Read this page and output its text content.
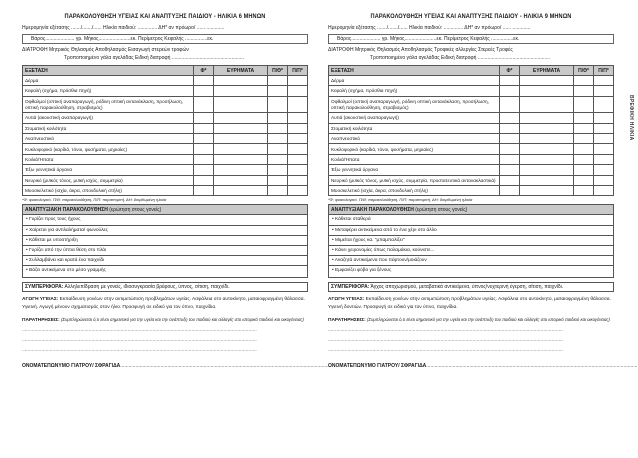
ΠΑΡΑΚΟΛΟΥΘΗΣΗ ΥΓΕΙΑΣ ΚΑΙ ΑΝΑΠΤΥΞΗΣ ΠΑΙΔΙΟΥ - ΗΛΙΚΙΑ 6 ΜΗΝΩΝ
Ημερομηνία εξέτασης ......./......./...... Ηλικία παιδιού: .............. ΔΗ* αν πρόωρο/ ...... .............
Βάρος..................... γρ. Μήκος.......................εκ. Περίμετρος Κεφαλής ................εκ.
ΔΙΑΤΡΟΦΗ Μητρικός Θηλασμός Αποθηλασμός Εισαγωγή στερεών τροφών
Τροποποιημένο γάλα αγελάδας Ειδική διατροφή ....................................................
ΕΞΕΤΑΣΗ	Φ*	ΕΥΡΗΜΑΤΑ	Π/Θ*	Π/Π*
Δέρμα				
Κεφαλή (σχήμα, πρόσθια πηγή)				
Οφθαλμοί (οπτική αναπαραγωγή, ρόδινη οπτική αντανάκλαση, προσήλωση, οπτική παρακολούθηση, στραβισμός)				
Αυτιά (ακουστική αναπαραγωγή)				
Στοματική κοιλότητα				
Αναπνευστικό				
Κυκλοφορικό (καρδιά, τόνοι, φυσήματα, μηριαίες)				
Κοιλιά/Ήπατα				
Έξω γεννητικά όργανα				
Νευρικό (μυϊκός τόνος, μυϊκή ισχύς, συμμετρία)				
Μυοσκελετικό (ισχία, άκρα, σπονδυλική στήλη)				
*Φ: φυσιολογικό, Π/Θ: παρακολούθηση, Π/Π: παραπομπή, ΔΗ: διορθωμένη ηλικία
ΑΝΑΠΤΥΞΙΑΚΗ ΠΑΡΑΚΟΛΟΥΘΗΣΗ (ερώτηση στους γονείς)
• Γυρίζει προς τους ήχους
• Χαίρεται για αντιλαλήματα/ φωνούλες
• Κάθεται με υποστήριξη
• Γυρίζει από την ύπτια θέση στο πλάι
• Συλλαμβάνει και κρατά ένα παιχνίδι
• Βάζει αντικείμενα στο μέσο γραμμής
ΣΥΜΠΕΡΙΦΟΡΑ: Αλληλεπίδραση με γονείς, ιδιοσυγκρασία βρέφους, ύπνος, σίτιση, παιχνίδι.
ΑΓΩΓΗ ΥΓΕΙΑΣ: Εκπαίδευση γονέων στην αντιμετώπιση προβλημάτων υγείας. Ασφάλεια στο αυτοκίνητο, ματαιοφραγμένη θάλασσα. Υγιεινή. Αγωγή μένουν σχηματισμός στον ήλιο. Προσφυγή σε ειδικό για τον ύπνο, παιχνίδια.
ΠΑΡΑΤΗΡΗΣΕΙΣ: (Συμπληρώνεται ό,τι είναι σημαντικό για την υγεία και την ανάπτυξη του παιδιού και αλλαγές στο ιστορικό παιδιού και οικογένειας)
.........................................................................................................................................................................
.........................................................................................................................................................................
.........................................................................................................................................................................
ΟΝΟΜΑΤΕΠΩΝΥΜΟ ΓΙΑΤΡΟΥ/ ΣΦΡΑΓΙΔΑ........................................................................................................................................................
ΠΑΡΑΚΟΛΟΥΘΗΣΗ ΥΓΕΙΑΣ ΚΑΙ ΑΝΑΠΤΥΞΗΣ ΠΑΙΔΙΟΥ - ΗΛΙΚΙΑ 9 ΜΗΝΩΝ
Ημερομηνία εξέτασης ......./......./...... Ηλικία παιδιού: .............. ΔΗ* αν πρόωρο/ ...... .............
Βάρος..................... γρ. Μήκος.......................εκ. Περίμετρος Κεφαλής ................εκ.
ΔΙΑΤΡΟΦΗ Μητρικός Θηλασμός Αποθηλασμός Τροφικές αλλεργίες Στερεές Τροφές
Τροποποιημένο γάλα αγελάδας Ειδική διατροφή ....................................................
ΕΞΕΤΑΣΗ	Φ*	ΕΥΡΗΜΑΤΑ	Π/Θ*	Π/Π*
Δέρμα				
Κεφαλή (σχήμα, πρόσθια πηγή)				
Οφθαλμοί (οπτική αναπαραγωγή, ρόδινη οπτική αντανάκλαση, προσήλωση, οπτική παρακολούθηση, στραβισμός)				
Αυτιά (ακουστική αναπαραγωγή)				
Στοματική κοιλότητα				
Αναπνευστικό				
Κυκλοφορικό (καρδιά, τόνοι, φυσήματα, μηριαίες)				
Κοιλιά/Ήπατα				
Έξω γεννητικά όργανα				
Νευρικό (μυϊκός τόνος, μυϊκή ισχύς, συμμετρία, προστατευτικά αντανακλαστικά)				
Μυοσκελετικό (ισχία, άκρα, σπονδυλική στήλη)				
*Φ: φυσιολογικό, Π/Θ: παρακολούθηση, Π/Π: παραπομπή, ΔΗ: διορθωμένη ηλικία
ΑΝΑΠΤΥΞΙΑΚΗ ΠΑΡΑΚΟΛΟΥΘΗΣΗ (ερώτηση στους γονείς)
• Κάθεται σταθερά
• Μεταφέρει αντικείμενα από το ένα χέρι στο άλλο
• Μιμείται ήχους κα. "μπαμπαλίζει"
• Κάνει χειρονομίες όπως παλαμάκια, κούνιστε...
• Αναζητά αντικείμενα που πέφτουν/μοιάζουν
• Εμφανίζει φόβο για ξένους
ΣΥΜΠΕΡΙΦΟΡΑ: Άγχος αποχωρισμού, μεταβατικά αντικείμενα, ύπνος/νυχτερινή έγερση, σίτιση, παιχνίδι.
ΑΓΩΓΗ ΥΓΕΙΑΣ: Εκπαίδευση γονέων στην αντιμετώπιση προβλημάτων υγείας. Ασφάλεια στο αυτοκίνητο, ματαιοφραγμένη θάλασσα. Υγιεινή δοντιών. Προσφυγή σε ειδικό για τον ύπνο, παιχνίδια.
ΠΑΡΑΤΗΡΗΣΕΙΣ: (Συμπληρώνεται ό,τι είναι σημαντικό για την υγεία και την ανάπτυξη του παιδιού και αλλαγές στο ιστορικό παιδιού και οικογένειας)
.........................................................................................................................................................................
.........................................................................................................................................................................
.........................................................................................................................................................................
ΟΝΟΜΑΤΕΠΩΝΥΜΟ ΓΙΑΤΡΟΥ/ ΣΦΡΑΓΙΔΑ........................................................................................................................................................
ΒΡΕΦΙΚΗ ΗΛΙΚΙΑ
